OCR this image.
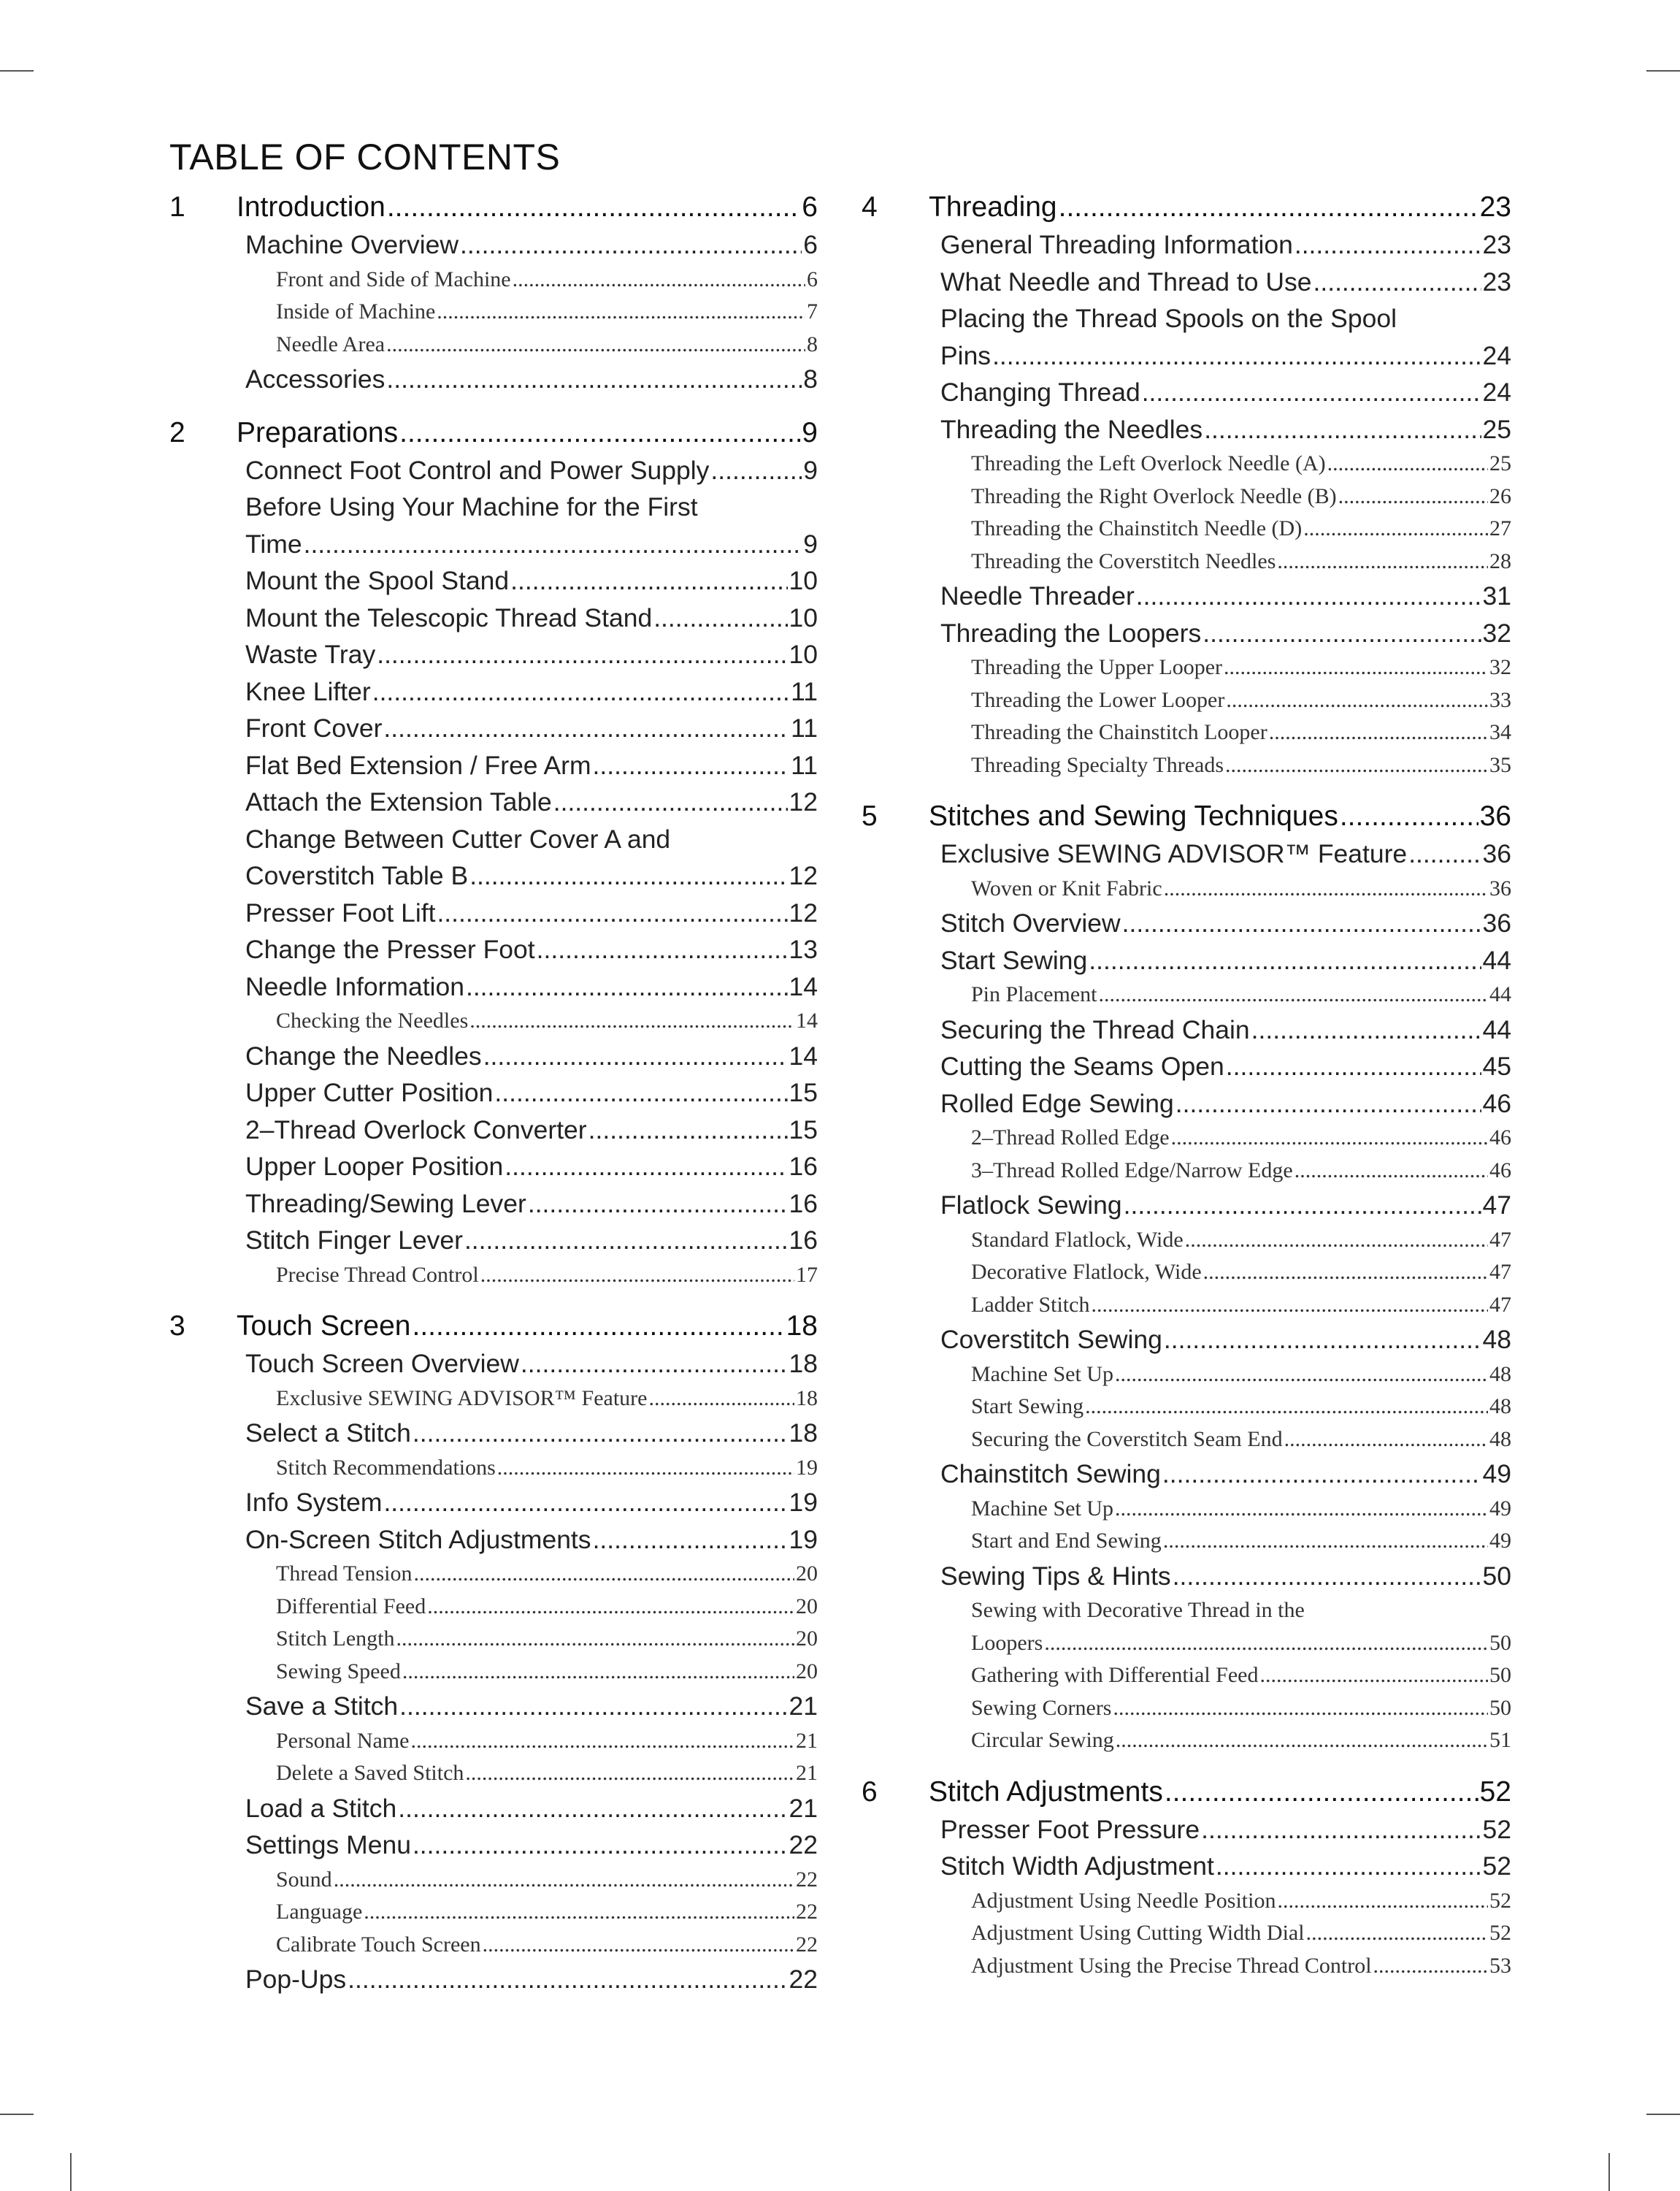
TABLE OF CONTENTS
1	Introduction .....	6
Machine Overview .....	6
Front and Side of Machine .....	6
Inside of Machine .....	7
Needle Area .....	8
Accessories .....	8
2	Preparations .....	9
Connect Foot Control and Power Supply .....	9
Before Using Your Machine for the First
Time .....	9
Mount the Spool Stand .....	10
Mount the Telescopic Thread Stand .....	10
Waste Tray .....	10
Knee Lifter .....	11
Front Cover .....	11
Flat Bed Extension / Free Arm .....	11
Attach the Extension Table .....	12
Change Between Cutter Cover A and
Coverstitch Table B .....	12
Presser Foot Lift .....	12
Change the Presser Foot .....	13
Needle Information .....	14
Checking the Needles .....	14
Change the Needles .....	14
Upper Cutter Position .....	15
2–Thread Overlock Converter .....	15
Upper Looper Position .....	16
Threading/Sewing Lever .....	16
Stitch Finger Lever .....	16
Precise Thread Control .....	17
3	Touch Screen .....	18
Touch Screen Overview .....	18
Exclusive SEWING ADVISOR™ Feature .....	18
Select a Stitch .....	18
Stitch Recommendations .....	19
Info System .....	19
On-Screen Stitch Adjustments .....	19
Thread Tension .....	20
Differential Feed .....	20
Stitch Length .....	20
Sewing Speed .....	20
Save a Stitch .....	21
Personal Name .....	21
Delete a Saved Stitch .....	21
Load a Stitch .....	21
Settings Menu .....	22
Sound .....	22
Language .....	22
Calibrate Touch Screen .....	22
Pop-Ups .....	22
4	Threading .....	23
General Threading Information .....	23
What Needle and Thread to Use .....	23
Placing the Thread Spools on the Spool
Pins .....	24
Changing Thread .....	24
Threading the Needles .....	25
Threading the Left Overlock Needle (A) .....	25
Threading the Right Overlock Needle (B) .....	26
Threading the Chainstitch Needle (D) .....	27
Threading the Coverstitch Needles .....	28
Needle Threader .....	31
Threading the Loopers .....	32
Threading the Upper Looper .....	32
Threading the Lower Looper .....	33
Threading the Chainstitch Looper .....	34
Threading Specialty Threads .....	35
5	Stitches and Sewing Techniques .....	36
Exclusive SEWING ADVISOR™ Feature .....	36
Woven or Knit Fabric .....	36
Stitch Overview .....	36
Start Sewing .....	44
Pin Placement .....	44
Securing the Thread Chain .....	44
Cutting the Seams Open .....	45
Rolled Edge Sewing .....	46
2–Thread Rolled Edge .....	46
3–Thread Rolled Edge/Narrow Edge .....	46
Flatlock Sewing .....	47
Standard Flatlock, Wide .....	47
Decorative Flatlock, Wide .....	47
Ladder Stitch .....	47
Coverstitch Sewing .....	48
Machine Set Up .....	48
Start Sewing .....	48
Securing the Coverstitch Seam End .....	48
Chainstitch Sewing .....	49
Machine Set Up .....	49
Start and End Sewing .....	49
Sewing Tips & Hints .....	50
Sewing with Decorative Thread in the
Loopers .....	50
Gathering with Differential Feed .....	50
Sewing Corners .....	50
Circular Sewing .....	51
6	Stitch Adjustments .....	52
Presser Foot Pressure .....	52
Stitch Width Adjustment .....	52
Adjustment Using Needle Position .....	52
Adjustment Using Cutting Width Dial .....	52
Adjustment Using the Precise Thread Control .....	53
